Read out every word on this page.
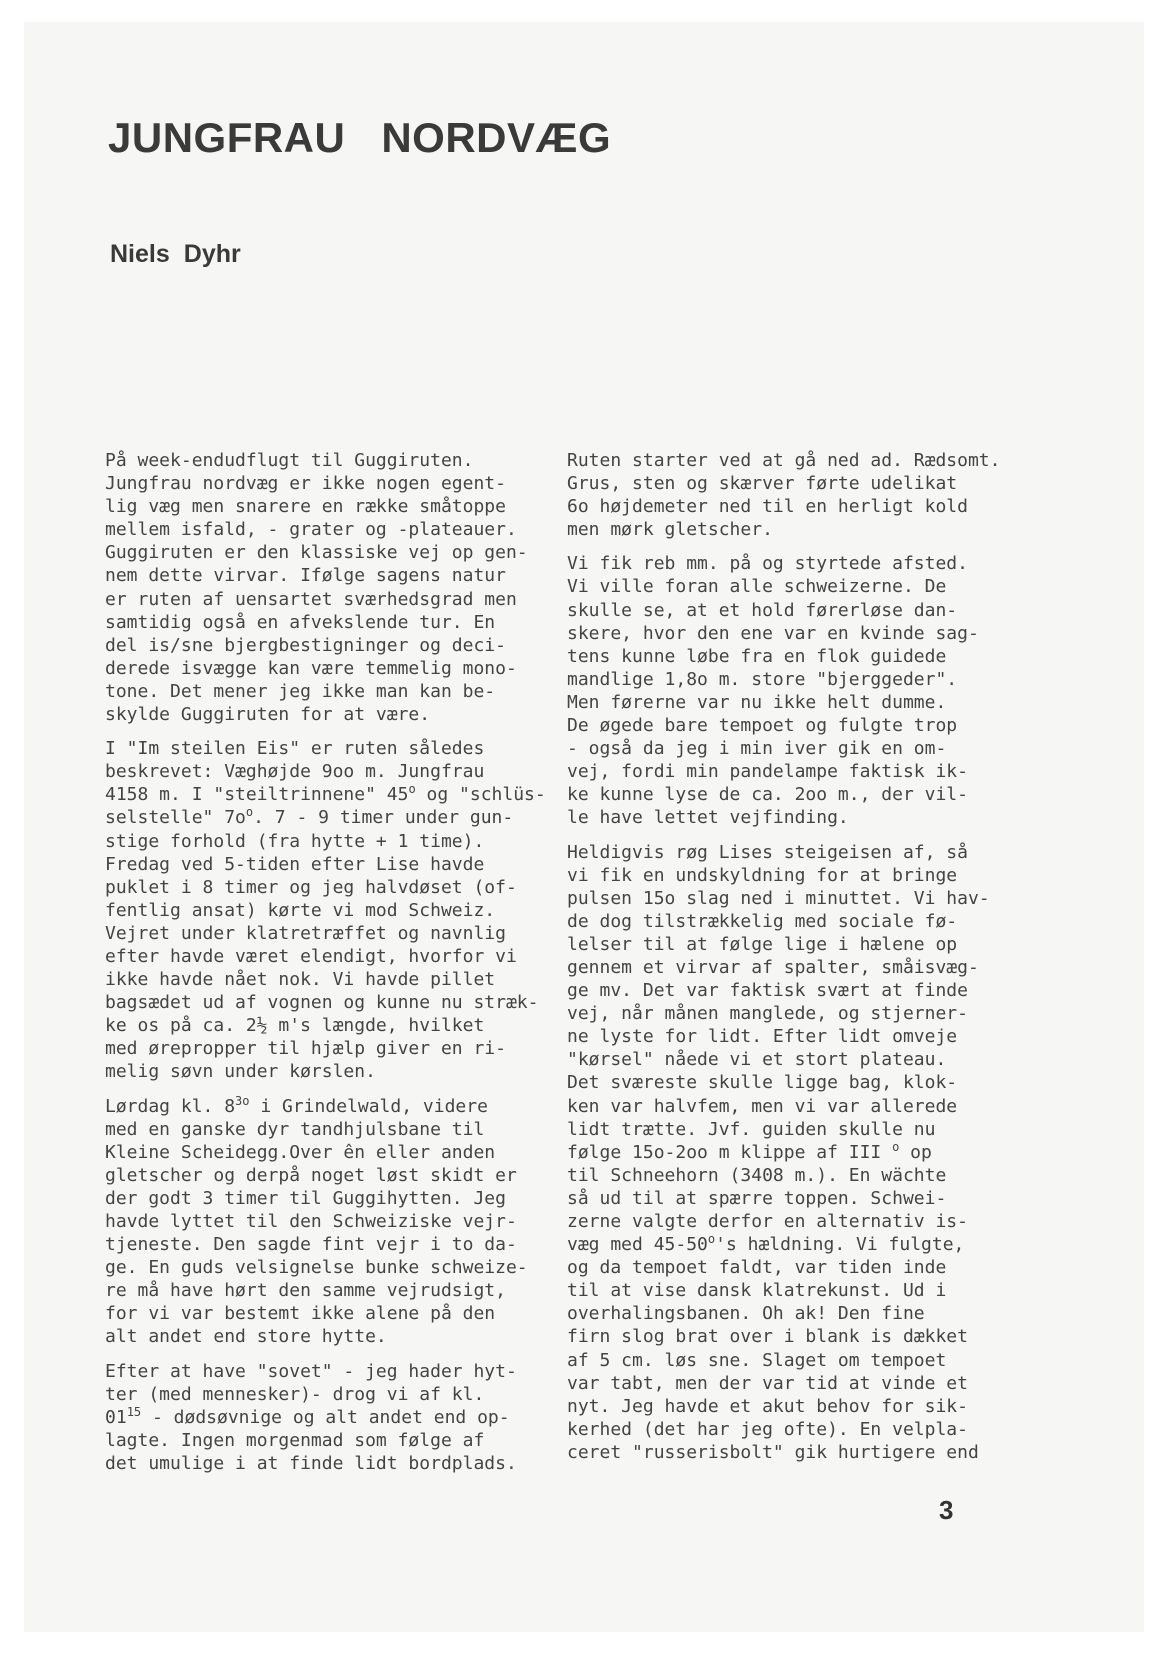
JUNGFRAU NORDVÆG
Niels Dyhr

På week-endudflugt til Guggiruten.
Jungfrau nordvæg er ikke nogen egent-
lig væg men snarere en række småtoppe
mellem isfald, - grater og -plateauer.
Guggiruten er den klassiske vej op gen-
nem dette virvar. Ifølge sagens natur
er ruten af uensartet sværhedsgrad men
samtidig også en afvekslende tur. En
del is/sne bjergbestigninger og deci-
derede isvægge kan være temmelig mono-
tone. Det mener jeg ikke man kan be-
skylde Guggiruten for at være.

I "Im steilen Eis" er ruten således
beskrevet: Væghøjde 9oo m. Jungfrau
4158 m. I "steiltrinnene" 45$^o$ og "schlüs-
selstelle" $7o^o$. 7 - 9 timer under gun-
stige forhold (fra hytte + 1 time).
Fredag ved 5-tiden efter Lise havde
puklet i 8 timer og jeg halvdøset (of-
fentlig ansat) kørte vi mod Schweiz.
Vejret under klatretræffet og navnlig
efter havde været elendigt, hvorfor vi
ikke havde nået nok. Vi havde pillet
bagsædet ud af vognen og kunne nu stræk-
ke os på ca. 2½ m's længde, hvilket
med ørepropper til hjælp giver en ri-
melig søvn under kørslen.

Lørdag kl. $8^{3o}$ i Grindelwald, videre
med en ganske dyr tandhjulsbane til
Kleine Scheidegg.Over ên eller anden
gletscher og derpå noget løst skidt er
der godt 3 timer til Guggihytten. Jeg
havde lyttet til den Schweiziske vejr-
tjeneste. Den sagde fint vejr i to da-
ge. En guds velsignelse bunke schweize-
re må have hørt den samme vejrudsigt,
for vi var bestemt ikke alene på den
alt andet end store hytte.

Efter at have "sovet" - jeg hader hyt-
ter (med mennesker)- drog vi af kl.
$01^{15}$ - dødsøvnige og alt andet end op-
lagte. Ingen morgenmad som følge af
det umulige i at finde lidt bordplads.

Ruten starter ved at gå ned ad. Rædsomt.
Grus, sten og skærver førte udelikat
6o højdemeter ned til en herligt kold
men mørk gletscher.

Vi fik reb mm. på og styrtede afsted.
Vi ville foran alle schweizerne. De
skulle se, at et hold førerløse dan-
skere, hvor den ene var en kvinde sag-
tens kunne løbe fra en flok guidede
mandlige 1,8o m. store "bjerggeder".
Men førerne var nu ikke helt dumme.
De øgede bare tempoet og fulgte trop
- også da jeg i min iver gik en om-
vej, fordi min pandelampe faktisk ik-
ke kunne lyse de ca. 2oo m., der vil-
le have lettet vejfinding.

Heldigvis røg Lises steigeisen af, så
vi fik en undskyldning for at bringe
pulsen 15o slag ned i minuttet. Vi hav-
de dog tilstrækkelig med sociale fø-
lelser til at følge lige i hælene op
gennem et virvar af spalter, småisvæg-
ge mv. Det var faktisk svært at finde
vej, når månen manglede, og stjerner-
ne lyste for lidt. Efter lidt omveje
"kørsel" nåede vi et stort plateau.
Det sværeste skulle ligge bag, klok-
ken var halvfem, men vi var allerede
lidt trætte. Jvf. guiden skulle nu
følge 15o-2oo m klippe af III $^o$ op
til Schneehorn (3408 m.). En wächte
så ud til at spærre toppen. Schwei-
zerne valgte derfor en alternativ is-
væg med 45-50$^o$'s hældning. Vi fulgte,
og da tempoet faldt, var tiden inde
til at vise dansk klatrekunst. Ud i
overhalingsbanen. Oh ak! Den fine
firn slog brat over i blank is dækket
af 5 cm. løs sne. Slaget om tempoet
var tabt, men der var tid at vinde et
nyt. Jeg havde et akut behov for sik-
kerhed (det har jeg ofte). En velpla-
ceret "russerisbolt" gik hurtigere end

3
